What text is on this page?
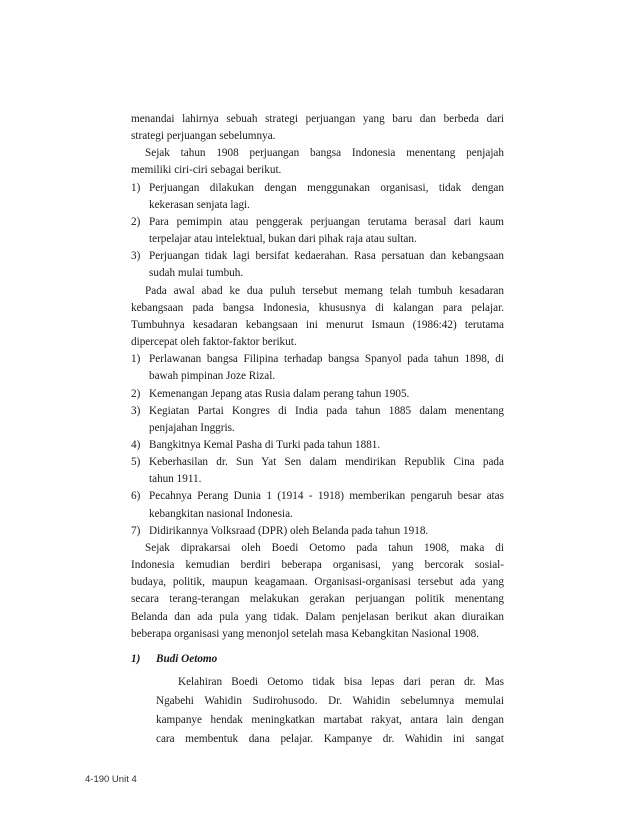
menandai lahirnya sebuah strategi perjuangan yang baru dan berbeda dari

strategi perjuangan sebelumnya.

Sejak tahun 1908 perjuangan bangsa Indonesia menentang penjajah

memiliki ciri-ciri sebagai berikut.

1) Perjuangan dilakukan dengan menggunakan organisasi, tidak dengan

kekerasan senjata lagi.

2) Para pemimpin atau penggerak perjuangan terutama berasal dari kaum

terpelajar atau intelektual, bukan dari pihak raja atau sultan.

3) Perjuangan tidak lagi bersifat kedaerahan. Rasa persatuan dan kebangsaan

sudah mulai tumbuh.

Pada awal abad ke dua puluh tersebut memang telah tumbuh kesadaran

kebangsaan pada bangsa Indonesia, khususnya di kalangan para pelajar.

Tumbuhnya kesadaran kebangsaan ini menurut Ismaun (1986:42) terutama

dipercepat oleh faktor-faktor berikut.

1) Perlawanan bangsa Filipina terhadap bangsa Spanyol pada tahun 1898, di

bawah pimpinan Joze Rizal.

2) Kemenangan Jepang atas Rusia dalam perang tahun 1905.

3) Kegiatan Partai Kongres di India pada tahun 1885 dalam menentang

penjajahan Inggris.

4) Bangkitnya Kemal Pasha di Turki pada tahun 1881.

5) Keberhasilan dr. Sun Yat Sen dalam mendirikan Republik Cina pada

tahun 1911.

6) Pecahnya Perang Dunia 1 (1914 - 1918) memberikan pengaruh besar atas

kebangkitan nasional Indonesia.

7) Didirikannya Volksraad (DPR) oleh Belanda pada tahun 1918.

Sejak diprakarsai oleh Boedi Oetomo pada tahun 1908, maka di

Indonesia kemudian berdiri beberapa organisasi, yang bercorak sosial-

budaya, politik, maupun keagamaan. Organisasi-organisasi tersebut ada yang

secara terang-terangan melakukan gerakan perjuangan politik menentang

Belanda dan ada pula yang tidak. Dalam penjelasan berikut akan diuraikan

beberapa organisasi yang menonjol setelah masa Kebangkitan Nasional 1908.

1)	Budi Oetomo

Kelahiran Boedi Oetomo tidak bisa lepas dari peran dr. Mas

Ngabehi Wahidin Sudirohusodo. Dr. Wahidin sebelumnya memulai

kampanye hendak meningkatkan martabat rakyat, antara lain dengan

cara membentuk dana pelajar. Kampanye dr. Wahidin ini sangat

4-190 Unit 4
